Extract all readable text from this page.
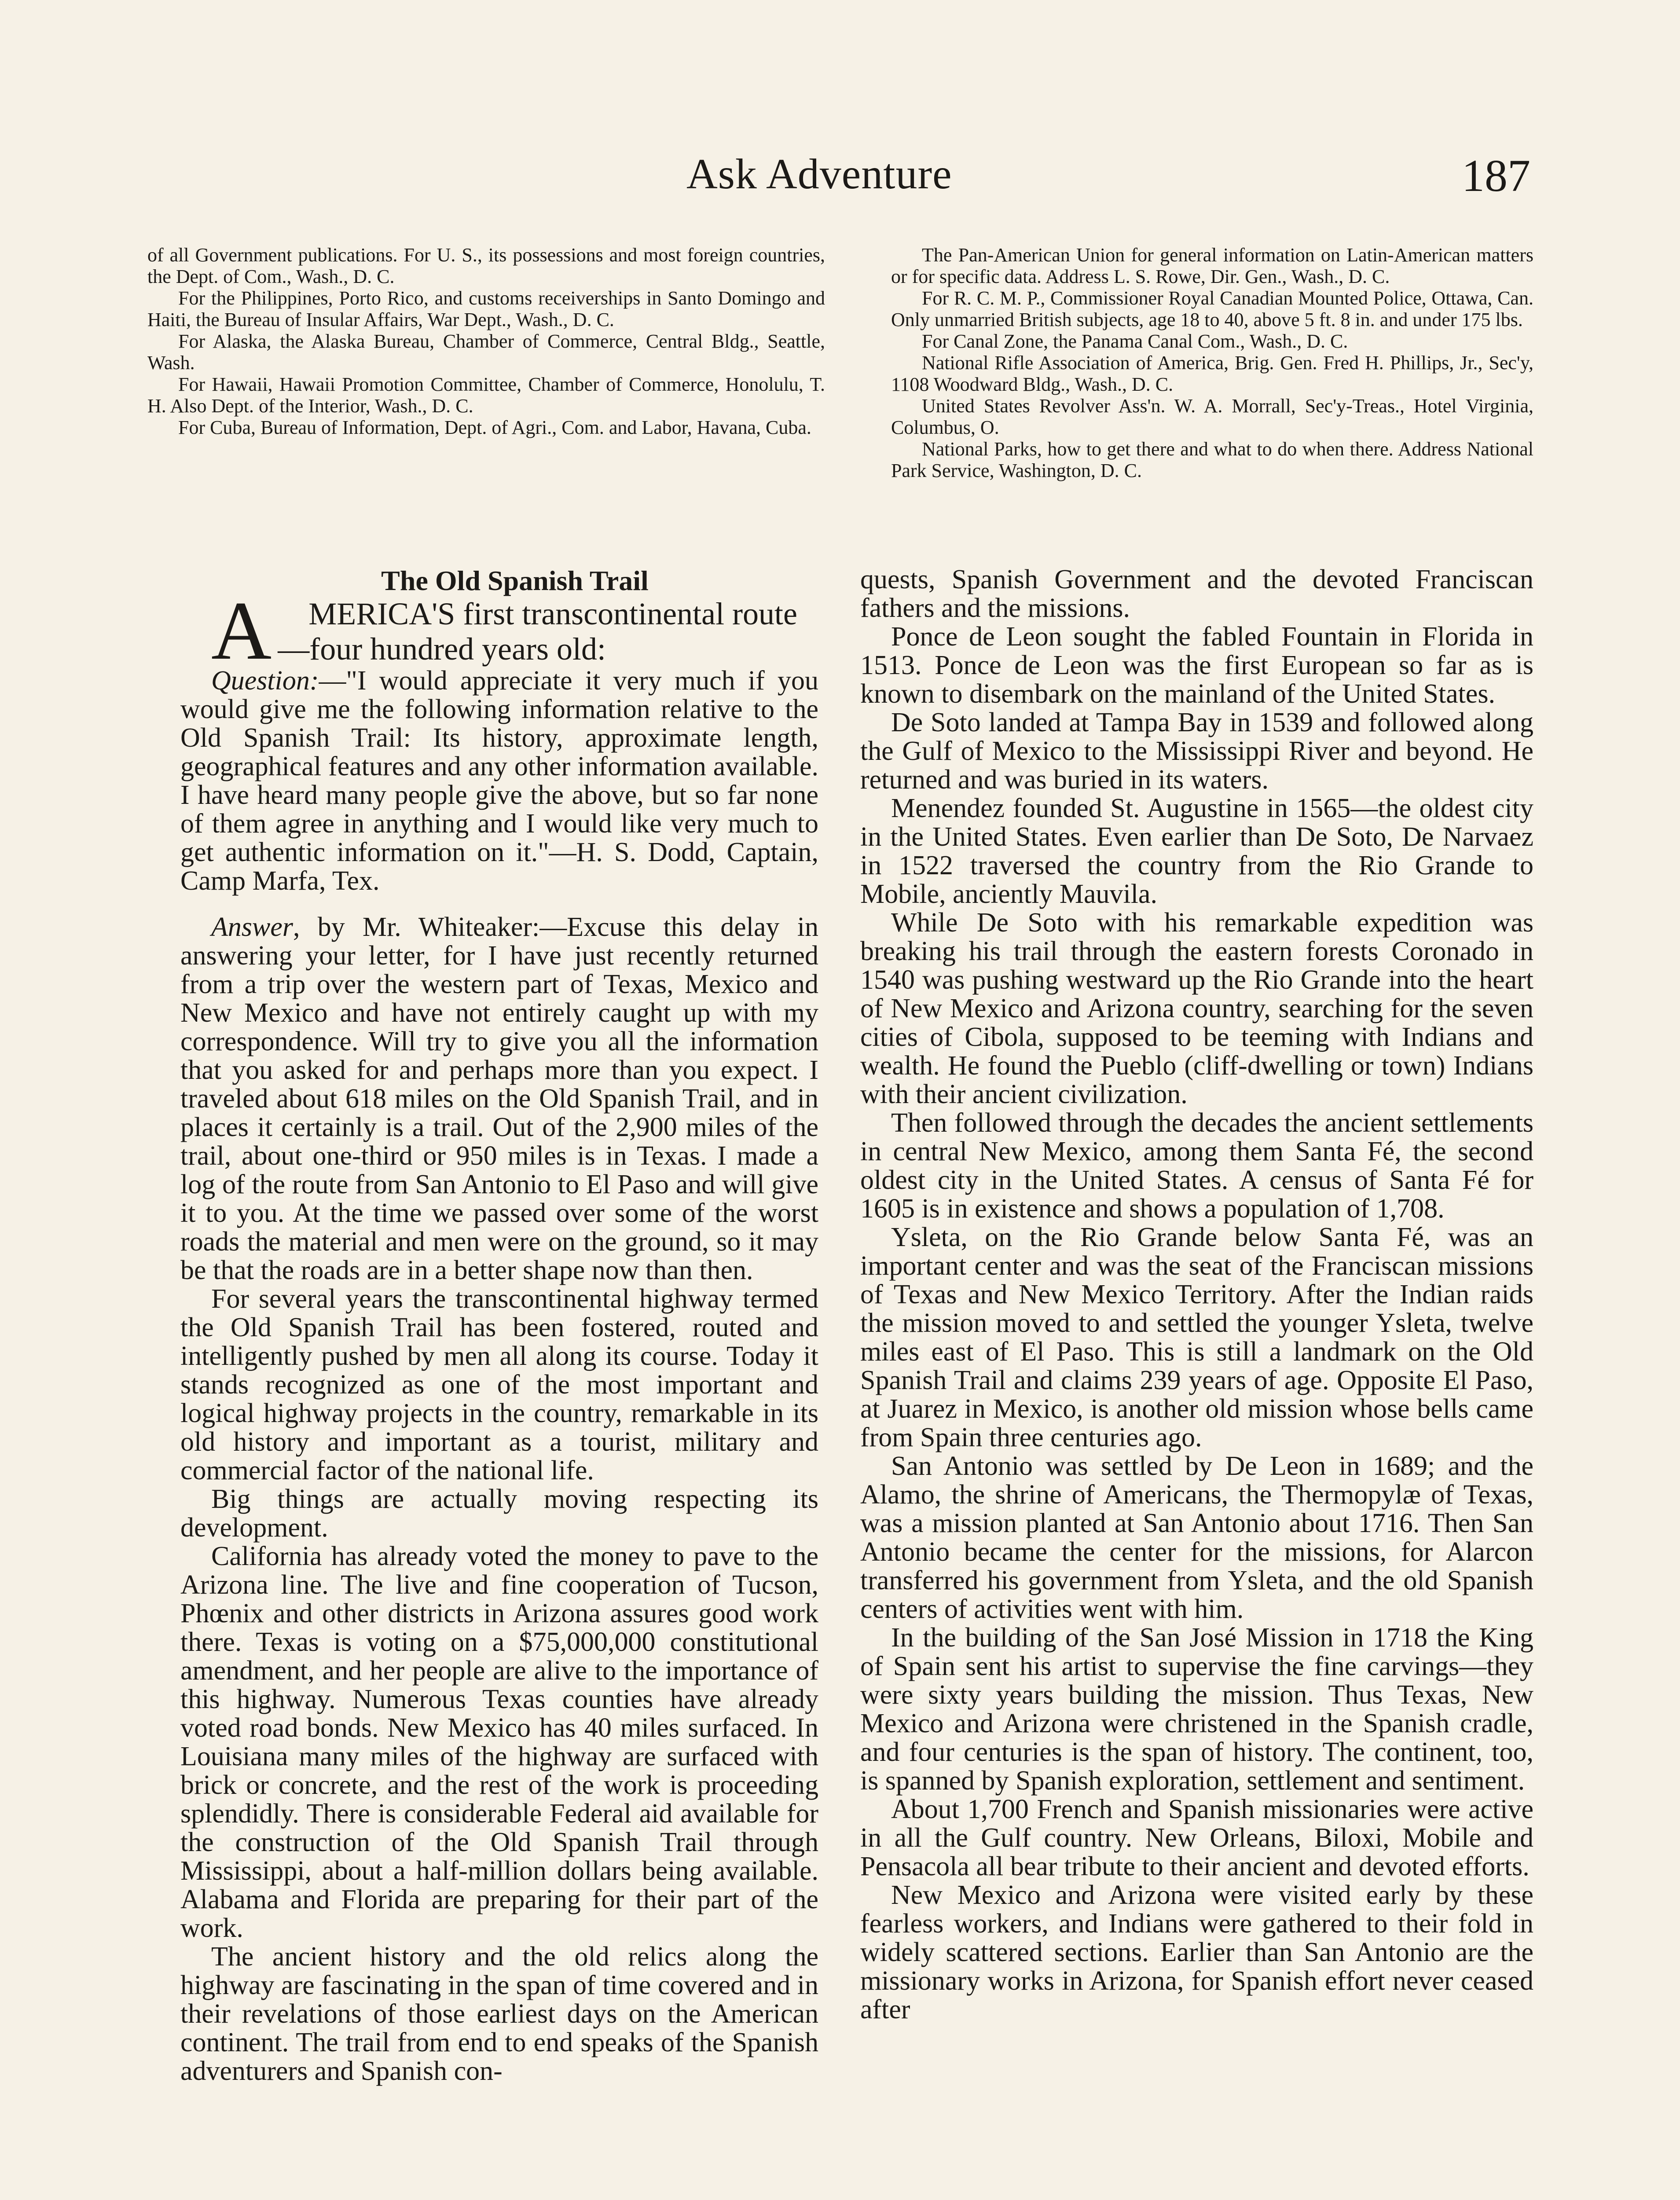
Ask Adventure	187

of all Government publications. For U. S., its possessions and most foreign countries, the Dept. of Com., Wash., D. C.

For the Philippines, Porto Rico, and customs receiverships in Santo Domingo and Haiti, the Bureau of Insular Affairs, War Dept., Wash., D. C.

For Alaska, the Alaska Bureau, Chamber of Commerce, Central Bldg., Seattle, Wash.

For Hawaii, Hawaii Promotion Committee, Chamber of Commerce, Honolulu, T. H. Also Dept. of the Interior, Wash., D. C.

For Cuba, Bureau of Information, Dept. of Agri., Com. and Labor, Havana, Cuba.

The Pan-American Union for general information on Latin-American matters or for specific data. Address L. S. Rowe, Dir. Gen., Wash., D. C.

For R. C. M. P., Commissioner Royal Canadian Mounted Police, Ottawa, Can. Only unmarried British subjects, age 18 to 40, above 5 ft. 8 in. and under 175 lbs.

For Canal Zone, the Panama Canal Com., Wash., D. C.

National Rifle Association of America, Brig. Gen. Fred H. Phillips, Jr., Sec'y, 1108 Woodward Bldg., Wash., D. C.

United States Revolver Ass'n. W. A. Morrall, Sec'y-Treas., Hotel Virginia, Columbus, O.

National Parks, how to get there and what to do when there. Address National Park Service, Washington, D. C.

The Old Spanish Trail

A MERICA'S first transcontinental route —four hundred years old:

Question:—"I would appreciate it very much if you would give me the following information relative to the Old Spanish Trail: Its history, approximate length, geographical features and any other information available. I have heard many people give the above, but so far none of them agree in anything and I would like very much to get authentic information on it."—H. S. Dodd, Captain, Camp Marfa, Tex.

Answer, by Mr. Whiteaker:—Excuse this delay in answering your letter, for I have just recently returned from a trip over the western part of Texas, Mexico and New Mexico and have not entirely caught up with my correspondence. Will try to give you all the information that you asked for and perhaps more than you expect. I traveled about 618 miles on the Old Spanish Trail, and in places it certainly is a trail. Out of the 2,900 miles of the trail, about one-third or 950 miles is in Texas. I made a log of the route from San Antonio to El Paso and will give it to you. At the time we passed over some of the worst roads the material and men were on the ground, so it may be that the roads are in a better shape now than then.

For several years the transcontinental highway termed the Old Spanish Trail has been fostered, routed and intelligently pushed by men all along its course. Today it stands recognized as one of the most important and logical highway projects in the country, remarkable in its old history and important as a tourist, military and commercial factor of the national life.

Big things are actually moving respecting its development.

California has already voted the money to pave to the Arizona line. The live and fine cooperation of Tucson, Phœnix and other districts in Arizona assures good work there. Texas is voting on a $75,000,000 constitutional amendment, and her people are alive to the importance of this highway. Numerous Texas counties have already voted road bonds. New Mexico has 40 miles surfaced. In Louisiana many miles of the highway are surfaced with brick or concrete, and the rest of the work is proceeding splendidly. There is considerable Federal aid available for the construction of the Old Spanish Trail through Mississippi, about a half-million dollars being available. Alabama and Florida are preparing for their part of the work.

The ancient history and the old relics along the highway are fascinating in the span of time covered and in their revelations of those earliest days on the American continent. The trail from end to end speaks of the Spanish adventurers and Spanish con-

quests, Spanish Government and the devoted Franciscan fathers and the missions.

Ponce de Leon sought the fabled Fountain in Florida in 1513. Ponce de Leon was the first European so far as is known to disembark on the mainland of the United States.

De Soto landed at Tampa Bay in 1539 and followed along the Gulf of Mexico to the Mississippi River and beyond. He returned and was buried in its waters.

Menendez founded St. Augustine in 1565—the oldest city in the United States. Even earlier than De Soto, De Narvaez in 1522 traversed the country from the Rio Grande to Mobile, anciently Mauvila.

While De Soto with his remarkable expedition was breaking his trail through the eastern forests Coronado in 1540 was pushing westward up the Rio Grande into the heart of New Mexico and Arizona country, searching for the seven cities of Cibola, supposed to be teeming with Indians and wealth. He found the Pueblo (cliff-dwelling or town) Indians with their ancient civilization.

Then followed through the decades the ancient settlements in central New Mexico, among them Santa Fé, the second oldest city in the United States. A census of Santa Fé for 1605 is in existence and shows a population of 1,708.

Ysleta, on the Rio Grande below Santa Fé, was an important center and was the seat of the Franciscan missions of Texas and New Mexico Territory. After the Indian raids the mission moved to and settled the younger Ysleta, twelve miles east of El Paso. This is still a landmark on the Old Spanish Trail and claims 239 years of age. Opposite El Paso, at Juarez in Mexico, is another old mission whose bells came from Spain three centuries ago.

San Antonio was settled by De Leon in 1689; and the Alamo, the shrine of Americans, the Thermopylæ of Texas, was a mission planted at San Antonio about 1716. Then San Antonio became the center for the missions, for Alarcon transferred his government from Ysleta, and the old Spanish centers of activities went with him.

In the building of the San José Mission in 1718 the King of Spain sent his artist to supervise the fine carvings—they were sixty years building the mission. Thus Texas, New Mexico and Arizona were christened in the Spanish cradle, and four centuries is the span of history. The continent, too, is spanned by Spanish exploration, settlement and sentiment.

About 1,700 French and Spanish missionaries were active in all the Gulf country. New Orleans, Biloxi, Mobile and Pensacola all bear tribute to their ancient and devoted efforts.

New Mexico and Arizona were visited early by these fearless workers, and Indians were gathered to their fold in widely scattered sections. Earlier than San Antonio are the missionary works in Arizona, for Spanish effort never ceased after
